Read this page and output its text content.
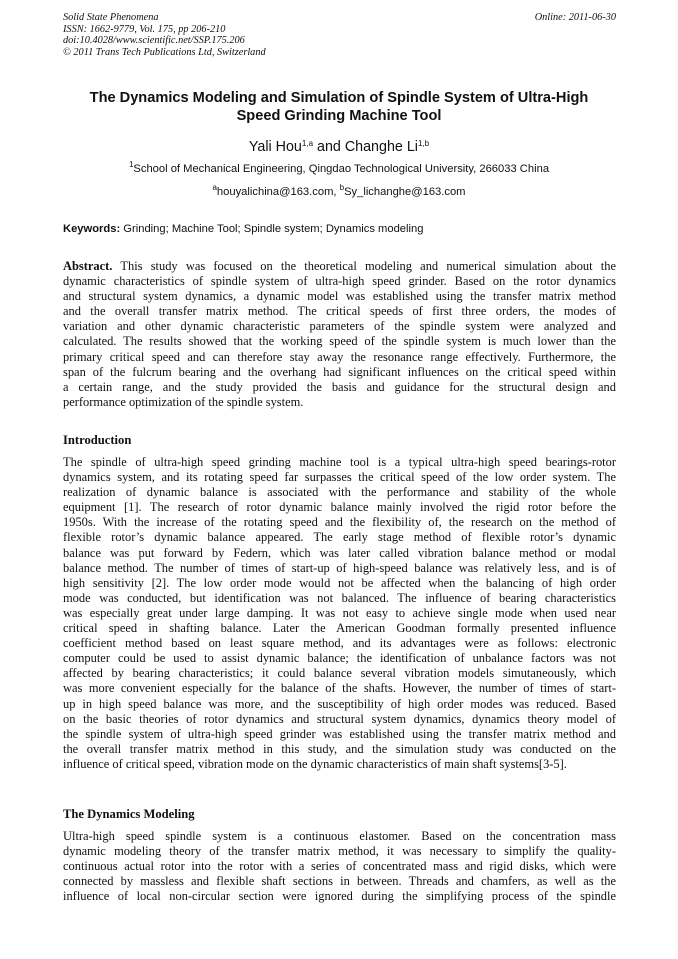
Solid State Phenomena
ISSN: 1662-9779, Vol. 175, pp 206-210
doi:10.4028/www.scientific.net/SSP.175.206
© 2011 Trans Tech Publications Ltd, Switzerland
Online: 2011-06-30
The Dynamics Modeling and Simulation of Spindle System of Ultra-High
Speed Grinding Machine Tool
Yali Hou$^{1,a}$ and Changhe Li$^{1,b}$
$^1$School of Mechanical Engineering, Qingdao Technological University, 266033 China
$^a$houyalichina@163.com, $^b$Sy_lichanghe@163.com
Keywords: Grinding; Machine Tool; Spindle system; Dynamics modeling
Abstract. This study was focused on the theoretical modeling and numerical simulation about the
dynamic characteristics of spindle system of ultra-high speed grinder. Based on the rotor dynamics
and structural system dynamics, a dynamic model was established using the transfer matrix method
and the overall transfer matrix method. The critical speeds of first three orders, the modes of
variation and other dynamic characteristic parameters of the spindle system were analyzed and
calculated. The results showed that the working speed of the spindle system is much lower than the
primary critical speed and can therefore stay away the resonance range effectively. Furthermore, the
span of the fulcrum bearing and the overhang had significant influences on the critical speed within
a certain range, and the study provided the basis and guidance for the structural design and
performance optimization of the spindle system.
Introduction
The spindle of ultra-high speed grinding machine tool is a typical ultra-high speed bearings-rotor
dynamics system, and its rotating speed far surpasses the critical speed of the low order system. The
realization of dynamic balance is associated with the performance and stability of the whole
equipment [1]. The research of rotor dynamic balance mainly involved the rigid rotor before the
1950s. With the increase of the rotating speed and the flexibility of, the research on the method of
flexible rotor’s dynamic balance appeared. The early stage method of flexible rotor’s dynamic
balance was put forward by Federn, which was later called vibration balance method or modal
balance method. The number of times of start-up of high-speed balance was relatively less, and is of
high sensitivity [2]. The low order mode would not be affected when the balancing of high order
mode was conducted, but identification was not balanced. The influence of bearing characteristics
was especially great under large damping. It was not easy to achieve single mode when used near
critical speed in shafting balance. Later the American Goodman formally presented influence
coefficient method based on least square method, and its advantages were as follows: electronic
computer could be used to assist dynamic balance; the identification of unbalance factors was not
affected by bearing characteristics; it could balance several vibration models simutaneously, which
was more convenient especially for the balance of the shafts. However, the number of times of start-
up in high speed balance was more, and the susceptibility of high order modes was reduced. Based
on the basic theories of rotor dynamics and structural system dynamics, dynamics theory model of
the spindle system of ultra-high speed grinder was established using the transfer matrix method and
the overall transfer matrix method in this study, and the simulation study was conducted on the
influence of critical speed, vibration mode on the dynamic characteristics of main shaft systems[3-5].
The Dynamics Modeling
Ultra-high speed spindle system is a continuous elastomer. Based on the concentration mass
dynamic modeling theory of the transfer matrix method, it was necessary to simplify the quality-
continuous actual rotor into the rotor with a series of concentrated mass and rigid disks, which were
connected by massless and flexible shaft sections in between. Threads and chamfers, as well as the
influence of local non-circular section were ignored during the simplifying process of the spindle
